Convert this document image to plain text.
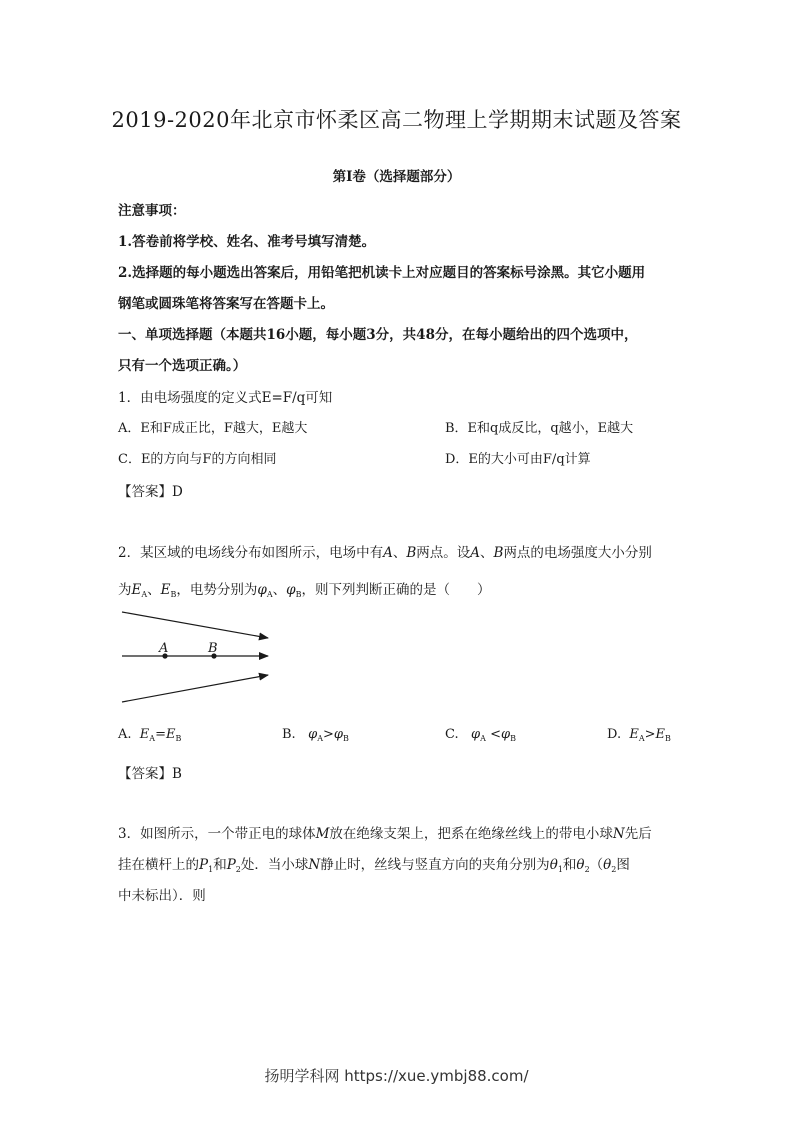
2019-2020年北京市怀柔区高二物理上学期期末试题及答案
第Ⅰ卷（选择题部分）
注意事项：
1.答卷前将学校、姓名、准考号填写清楚。
2.选择题的每小题选出答案后，用铅笔把机读卡上对应题目的答案标号涂黑。其它小题用
钢笔或圆珠笔将答案写在答题卡上。
一、单项选择题（本题共16小题，每小题3分，共48分，在每小题给出的四个选项中，
只有一个选项正确。）
1．由电场强度的定义式E=F/q可知
A．E和F成正比，F越大，E越大	B．E和q成反比，q越小，E越大
C．E的方向与F的方向相同	D．E的大小可由F/q计算
【答案】D
2．某区域的电场线分布如图所示，电场中有A、B两点。设A、B两点的电场强度大小分别
为$E_A$、$E_B$，电势分别为$\varphi_A$、$\varphi_B$，则下列判断正确的是（　　）
A	B
A. $E_A=E_B$	B. $\varphi_A>\varphi_B$	C. $\varphi_A <\varphi_B$	D. $E_A>E_B$
【答案】B
3．如图所示，一个带正电的球体M放在绝缘支架上，把系在绝缘丝线上的带电小球N先后
挂在横杆上的$P_1$和$P_2$处．当小球N静止时，丝线与竖直方向的夹角分别为$\theta_1$和$\theta_2(\theta_2$图
中未标出）．则
扬明学科网 https://xue.ymbj88.com/
